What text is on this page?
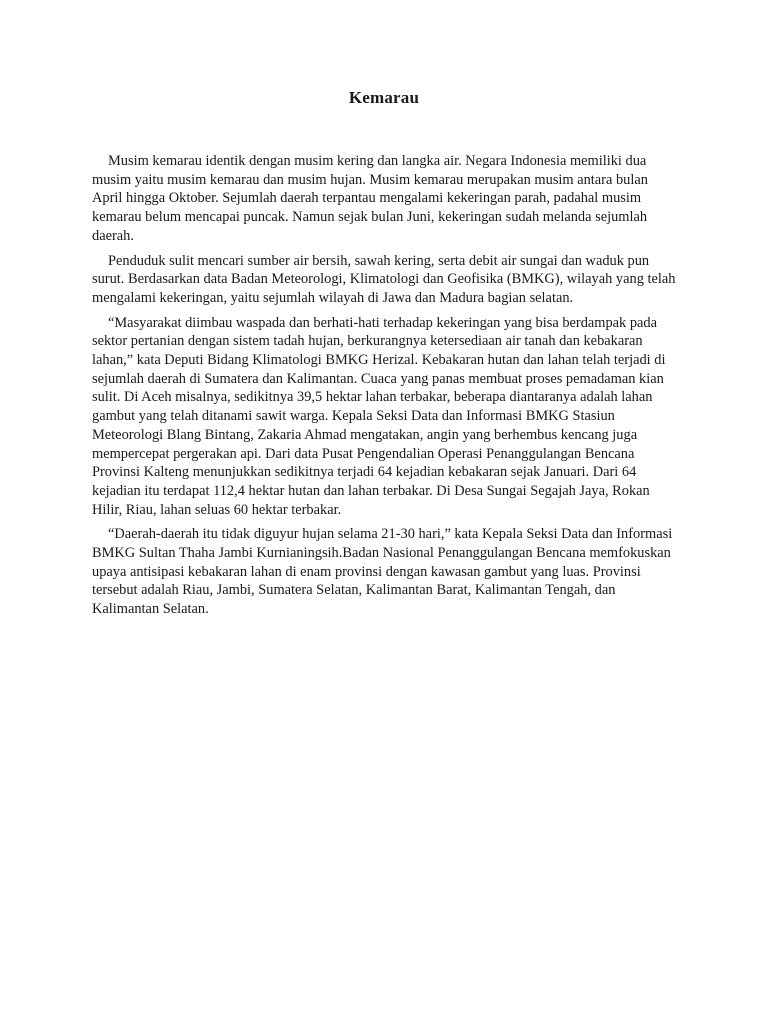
Kemarau

Musim kemarau identik dengan musim kering dan langka air. Negara Indonesia memiliki dua musim yaitu musim kemarau dan musim hujan. Musim kemarau merupakan musim antara bulan April hingga Oktober. Sejumlah daerah terpantau mengalami kekeringan parah, padahal musim kemarau belum mencapai puncak. Namun sejak bulan Juni, kekeringan sudah melanda sejumlah daerah.

Penduduk sulit mencari sumber air bersih, sawah kering, serta debit air sungai dan waduk pun surut. Berdasarkan data Badan Meteorologi, Klimatologi dan Geofisika (BMKG), wilayah yang telah mengalami kekeringan, yaitu sejumlah wilayah di Jawa dan Madura bagian selatan.

“Masyarakat diimbau waspada dan berhati-hati terhadap kekeringan yang bisa berdampak pada sektor pertanian dengan sistem tadah hujan, berkurangnya ketersediaan air tanah dan kebakaran lahan,” kata Deputi Bidang Klimatologi BMKG Herizal. Kebakaran hutan dan lahan telah terjadi di sejumlah daerah di Sumatera dan Kalimantan. Cuaca yang panas membuat proses pemadaman kian sulit. Di Aceh misalnya, sedikitnya 39,5 hektar lahan terbakar, beberapa diantaranya adalah lahan gambut yang telah ditanami sawit warga. Kepala Seksi Data dan Informasi BMKG Stasiun Meteorologi Blang Bintang, Zakaria Ahmad mengatakan, angin yang berhembus kencang juga mempercepat pergerakan api. Dari data Pusat Pengendalian Operasi Penanggulangan Bencana Provinsi Kalteng menunjukkan sedikitnya terjadi 64 kejadian kebakaran sejak Januari. Dari 64 kejadian itu terdapat 112,4 hektar hutan dan lahan terbakar. Di Desa Sungai Segajah Jaya, Rokan Hilir, Riau, lahan seluas 60 hektar terbakar.

“Daerah-daerah itu tidak diguyur hujan selama 21-30 hari,” kata Kepala Seksi Data dan Informasi BMKG Sultan Thaha Jambi Kurnianingsih.Badan Nasional Penanggulangan Bencana memfokuskan upaya antisipasi kebakaran lahan di enam provinsi dengan kawasan gambut yang luas. Provinsi tersebut adalah Riau, Jambi, Sumatera Selatan, Kalimantan Barat, Kalimantan Tengah, dan Kalimantan Selatan.
